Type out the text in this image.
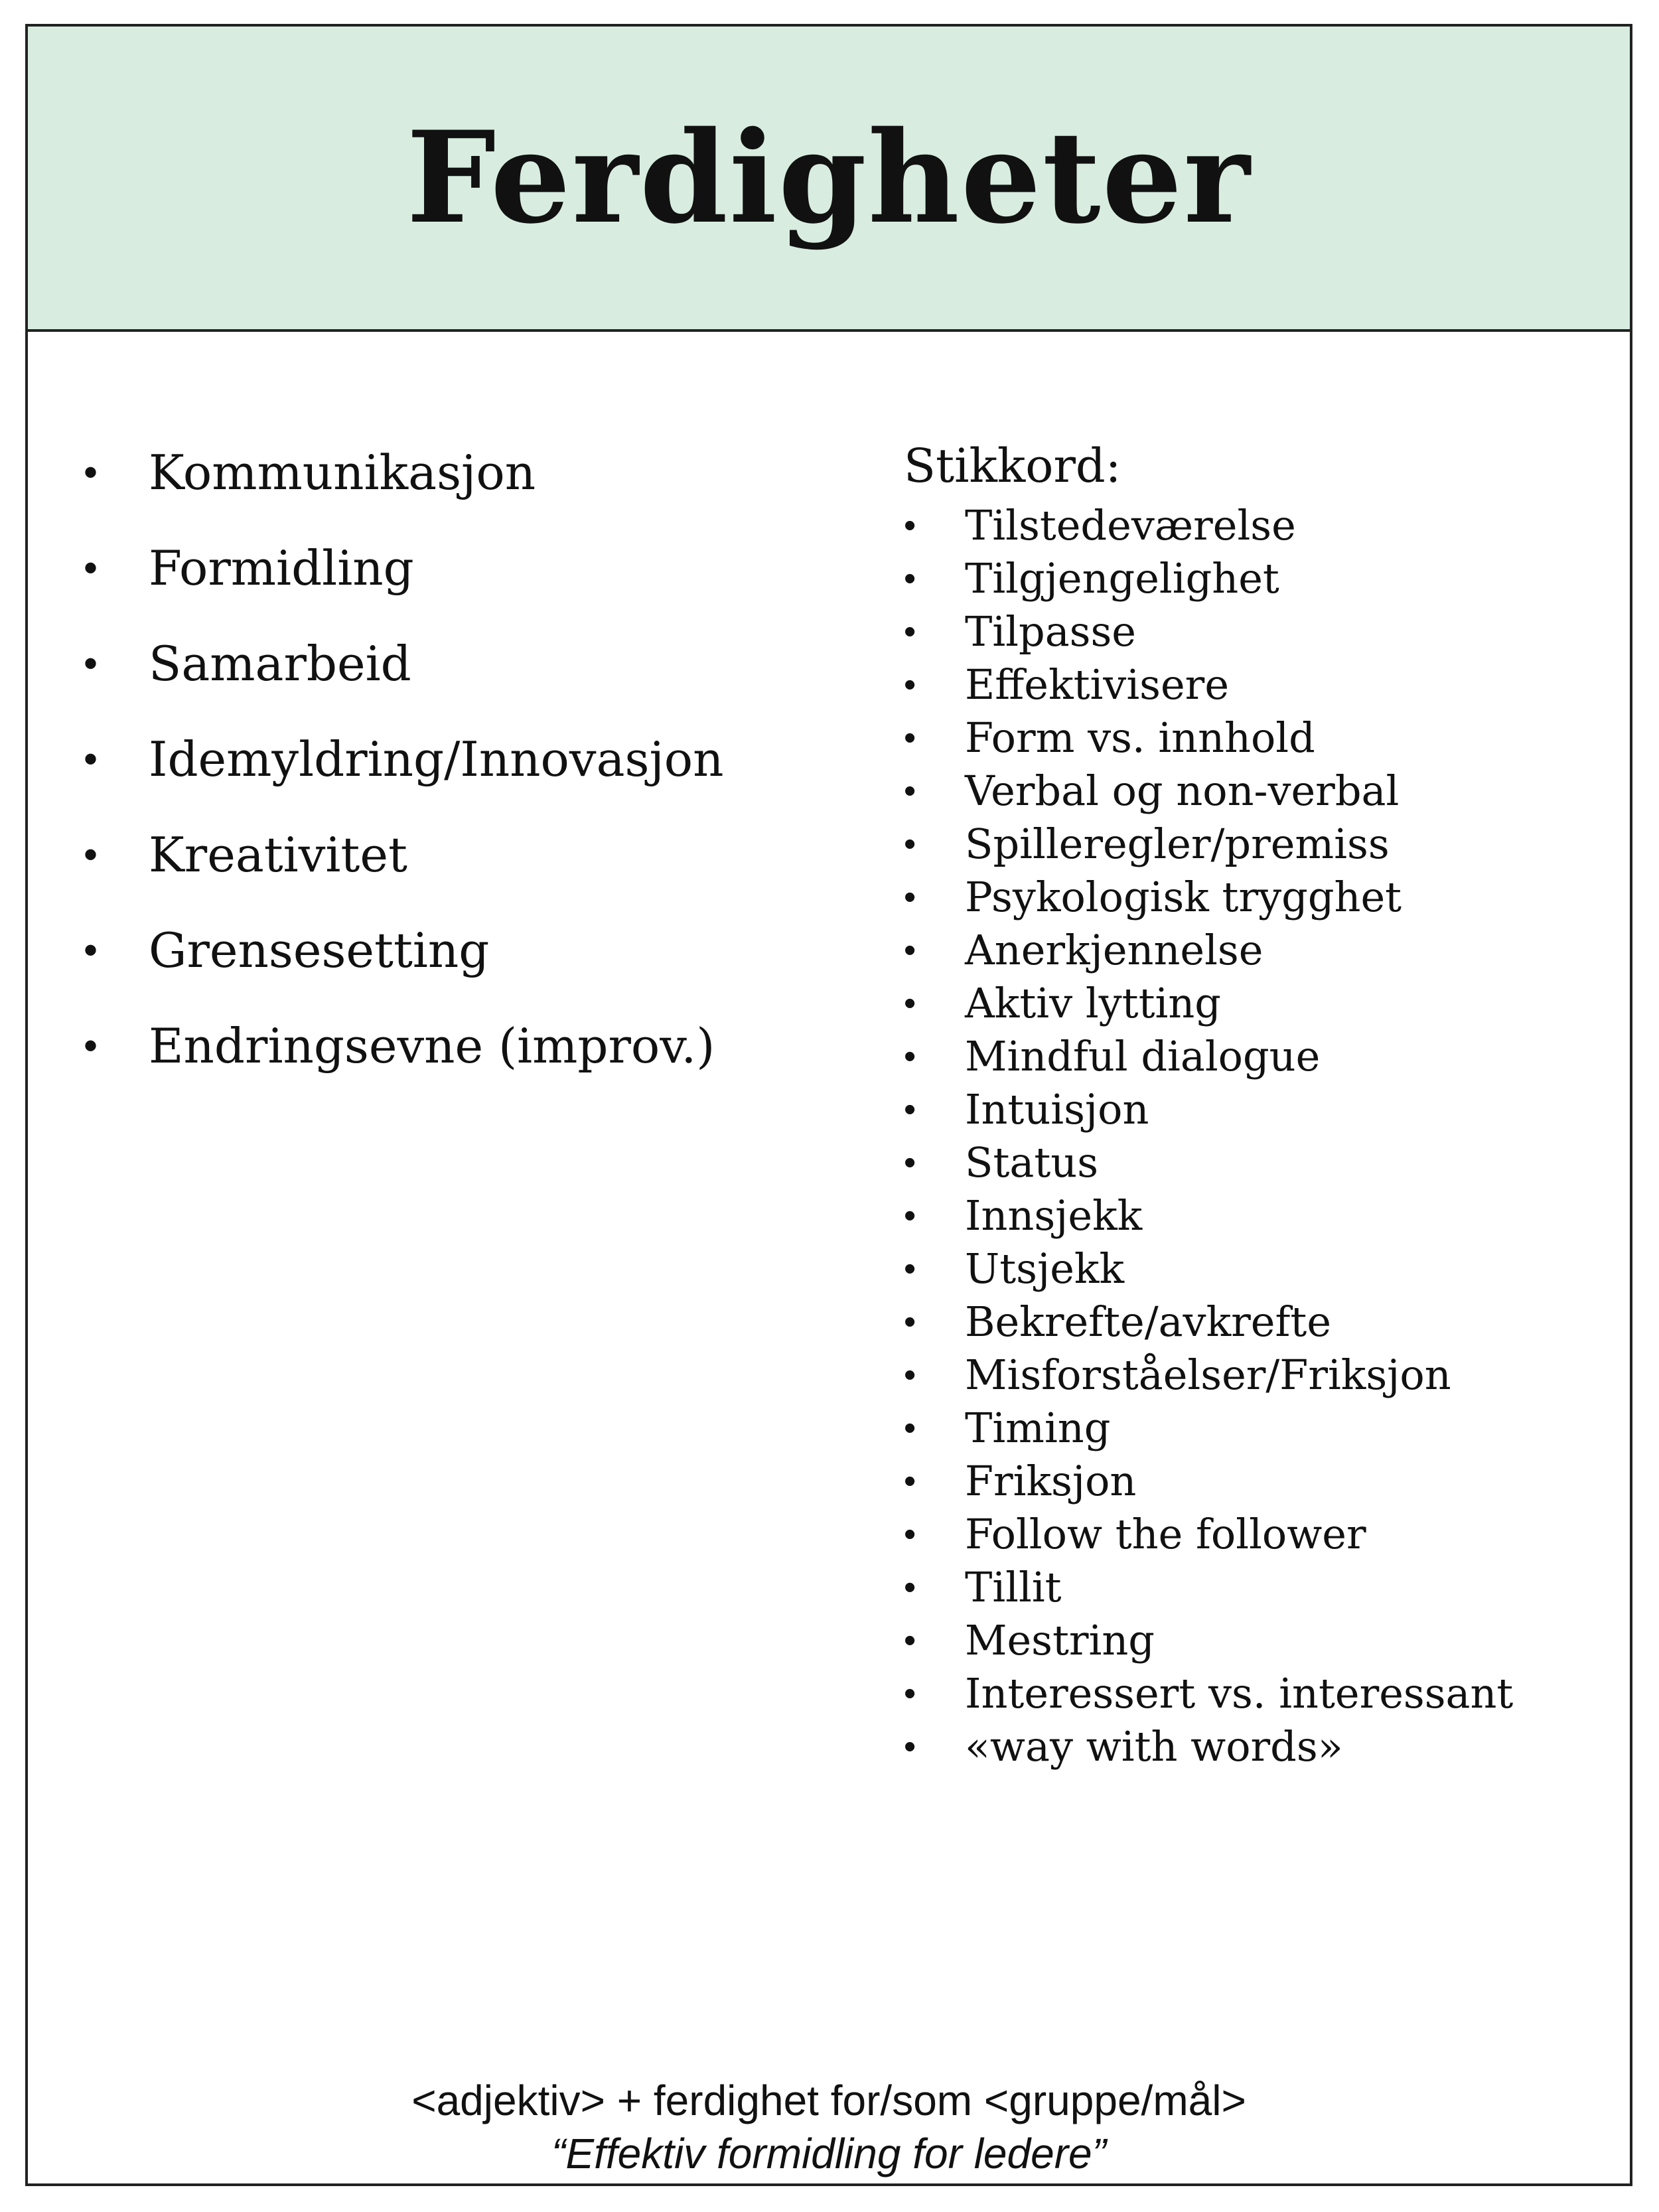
Ferdigheter
• Kommunikasjon
• Formidling
• Samarbeid
• Idemyldring/Innovasjon
• Kreativitet
• Grensesetting
• Endringsevne (improv.)
Stikkord:
• Tilstedeværelse
• Tilgjengelighet
• Tilpasse
• Effektivisere
• Form vs. innhold
• Verbal og non-verbal
• Spilleregler/premiss
• Psykologisk trygghet
• Anerkjennelse
• Aktiv lytting
• Mindful dialogue
• Intuisjon
• Status
• Innsjekk
• Utsjekk
• Bekrefte/avkrefte
• Misforståelser/Friksjon
• Timing
• Friksjon
• Follow the follower
• Tillit
• Mestring
• Interessert vs. interessant
• «way with words»
<adjektiv> + ferdighet for/som <gruppe/mål>
“Effektiv formidling for ledere”
